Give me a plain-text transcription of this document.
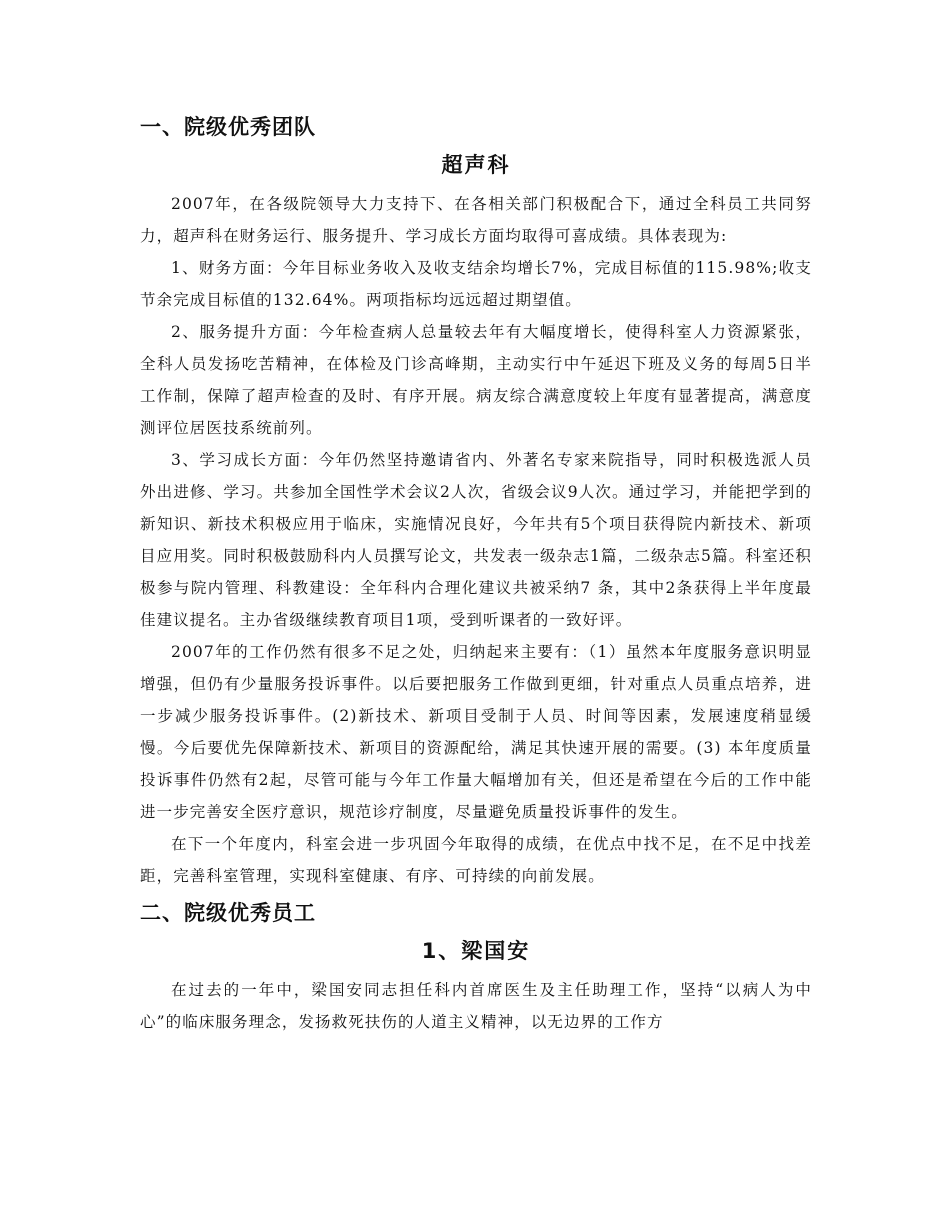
一、院级优秀团队
超声科

2007年，在各级院领导大力支持下、在各相关部门积极配合下，通过全科员工共同努力，超声科在财务运行、服务提升、学习成长方面均取得可喜成绩。具体表现为:

1、财务方面：今年目标业务收入及收支结余均增长7%，完成目标值的115.98%;收支节余完成目标值的132.64%。两项指标均远远超过期望值。

2、服务提升方面：今年检查病人总量较去年有大幅度增长，使得科室人力资源紧张，全科人员发扬吃苦精神，在体检及门诊高峰期，主动实行中午延迟下班及义务的每周5日半工作制，保障了超声检查的及时、有序开展。病友综合满意度较上年度有显著提高，满意度测评位居医技系统前列。

3、学习成长方面：今年仍然坚持邀请省内、外著名专家来院指导，同时积极选派人员外出进修、学习。共参加全国性学术会议2人次，省级会议9人次。通过学习，并能把学到的新知识、新技术积极应用于临床，实施情况良好，今年共有5个项目获得院内新技术、新项目应用奖。同时积极鼓励科内人员撰写论文，共发表一级杂志1篇，二级杂志5篇。科室还积极参与院内管理、科教建设：全年科内合理化建议共被采纳7 条，其中2条获得上半年度最佳建议提名。主办省级继续教育项目1项，受到听课者的一致好评。

2007年的工作仍然有很多不足之处，归纳起来主要有：（1）虽然本年度服务意识明显增强，但仍有少量服务投诉事件。以后要把服务工作做到更细，针对重点人员重点培养，进一步减少服务投诉事件。(2)新技术、新项目受制于人员、时间等因素，发展速度稍显缓慢。今后要优先保障新技术、新项目的资源配给，满足其快速开展的需要。(3) 本年度质量投诉事件仍然有2起，尽管可能与今年工作量大幅增加有关，但还是希望在今后的工作中能进一步完善安全医疗意识，规范诊疗制度，尽量避免质量投诉事件的发生。

在下一个年度内，科室会进一步巩固今年取得的成绩，在优点中找不足，在不足中找差距，完善科室管理，实现科室健康、有序、可持续的向前发展。

二、院级优秀员工
1、梁国安

在过去的一年中，梁国安同志担任科内首席医生及主任助理工作，坚持“以病人为中心”的临床服务理念，发扬救死扶伤的人道主义精神，以无边界的工作方
